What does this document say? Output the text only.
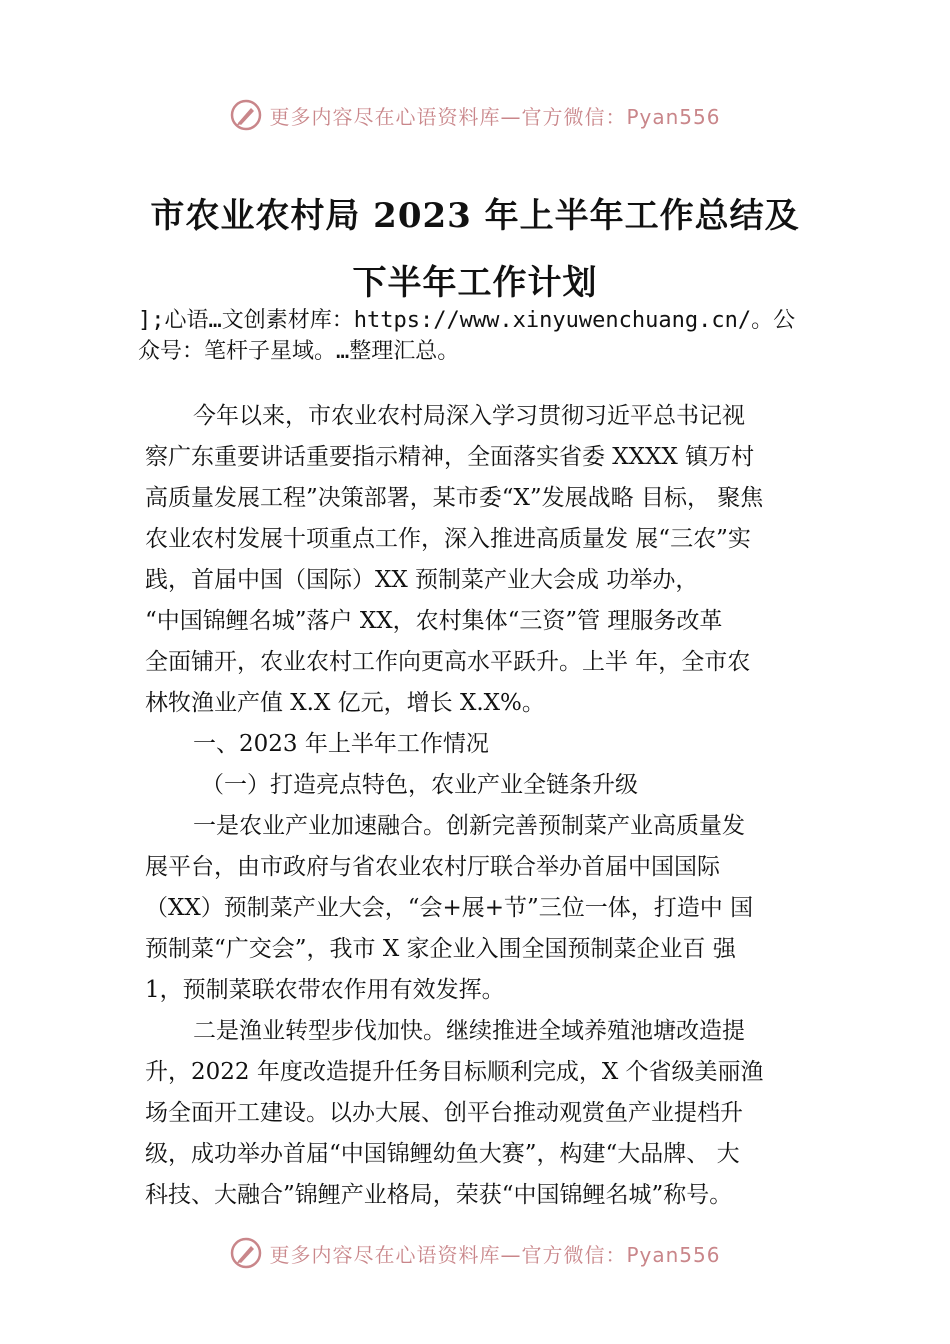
更多内容尽在心语资料库—官方微信：Pyan556
市农业农村局 2023 年上半年工作总结及
下半年工作计划
];心语…文创素材库：https://www.xinyuwenchuang.cn/。公
众号：笔杆子星域。…整理汇总。
今年以来，市农业农村局深入学习贯彻习近平总书记视
察广东重要讲话重要指示精神，全面落实省委 XXXX 镇万村
高质量发展工程”决策部署，某市委“X”发展战略 目标， 聚焦
农业农村发展十项重点工作，深入推进高质量发 展“三农”实
践，首届中国（国际）XX 预制菜产业大会成 功举办，
“中国锦鲤名城”落户 XX，农村集体“三资”管 理服务改革
全面铺开，农业农村工作向更高水平跃升。上半 年，全市农
林牧渔业产值 X.X 亿元，增长 X.X%。
一、2023 年上半年工作情况
（一）打造亮点特色，农业产业全链条升级
一是农业产业加速融合。创新完善预制菜产业高质量发
展平台，由市政府与省农业农村厅联合举办首届中国国际
（XX）预制菜产业大会，“会+展+节”三位一体，打造中 国
预制菜“广交会”，我市 X 家企业入围全国预制菜企业百 强
1，预制菜联农带农作用有效发挥。
二是渔业转型步伐加快。继续推进全域养殖池塘改造提
升，2022 年度改造提升任务目标顺利完成，X 个省级美丽渔
场全面开工建设。以办大展、创平台推动观赏鱼产业提档升
级，成功举办首届“中国锦鲤幼鱼大赛”，构建“大品牌、 大
科技、大融合”锦鲤产业格局，荣获“中国锦鲤名城”称号。
更多内容尽在心语资料库—官方微信：Pyan556
